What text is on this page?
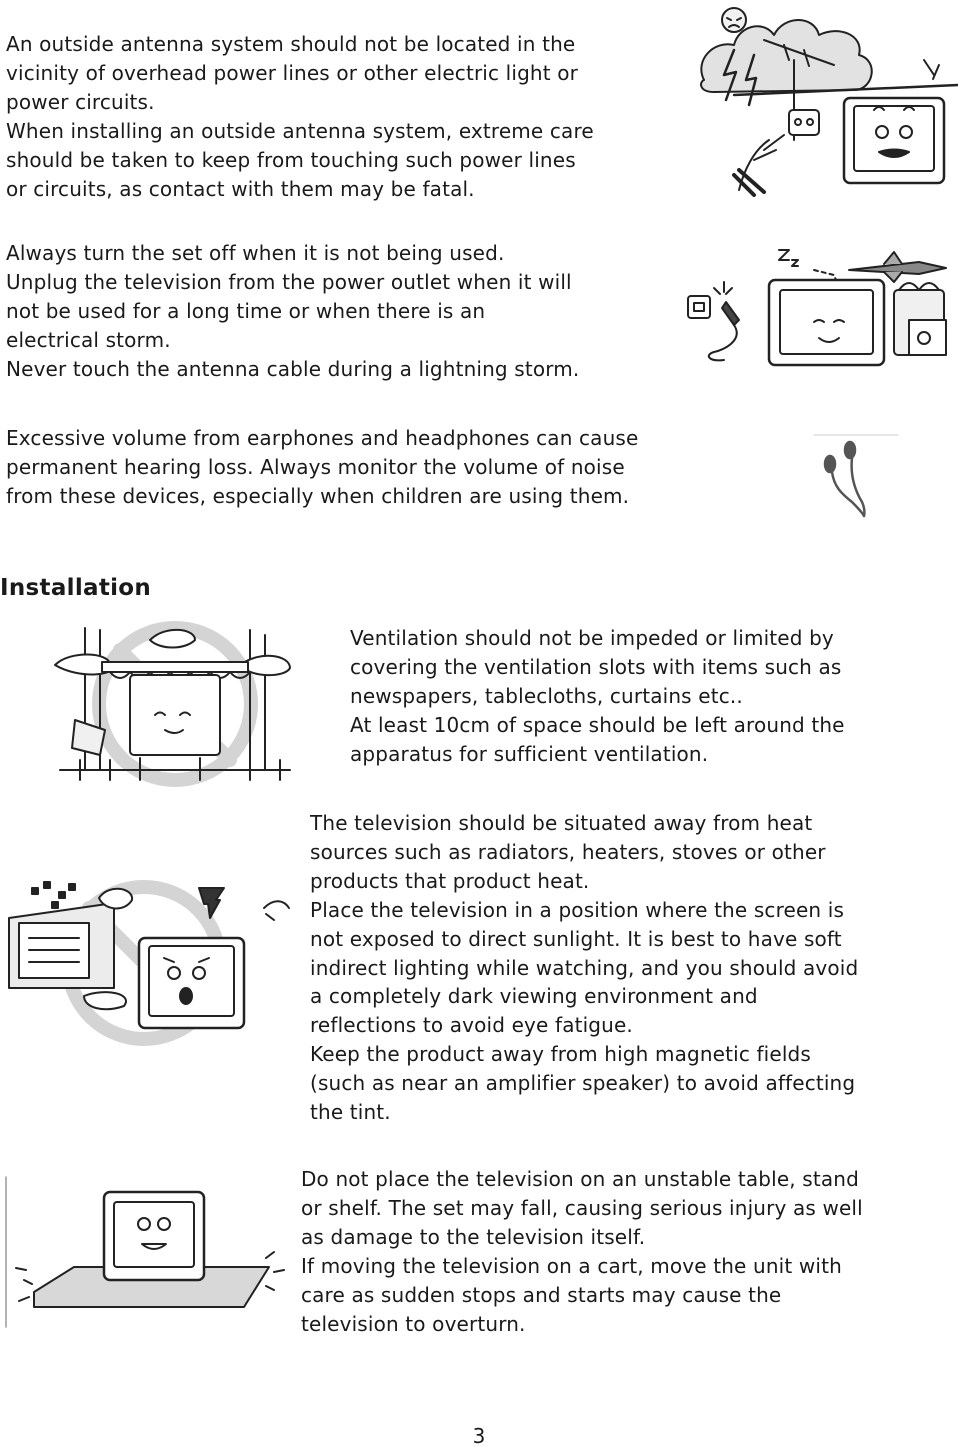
An outside antenna system should not be located in the
vicinity of overhead power lines or other electric light or
power circuits.
When installing an outside antenna system, extreme care
should be taken to keep from touching such power lines
or circuits, as contact with them may be fatal.
Always turn the set off when it is not being used.
Unplug the television from the power outlet when it will
not be used for a long time or when there is an
electrical storm.
Never touch the antenna cable during a lightning storm.
Excessive volume from earphones and headphones can cause
permanent hearing loss. Always monitor the volume of noise
from these devices, especially when children are using them.
Installation
Ventilation should not be impeded or limited by
covering the ventilation slots with items such as
newspapers, tablecloths, curtains etc..
At least 10cm of space should be left around the
apparatus for sufficient ventilation.
The television should be situated away from heat
sources such as radiators, heaters, stoves or other
products that product heat.
Place the television in a position where the screen is
not exposed to direct sunlight. It is best to have soft
indirect lighting while watching, and you should avoid
a completely dark viewing environment and
reflections to avoid eye fatigue.
Keep the product away from high magnetic fields
(such as near an amplifier speaker) to avoid affecting
the tint.
Do not place the television on an unstable table, stand
or shelf. The set may fall, causing serious injury as well
as damage to the television itself.
If moving the television on a cart, move the unit with
care as sudden stops and starts may cause the
television to overturn.
3
